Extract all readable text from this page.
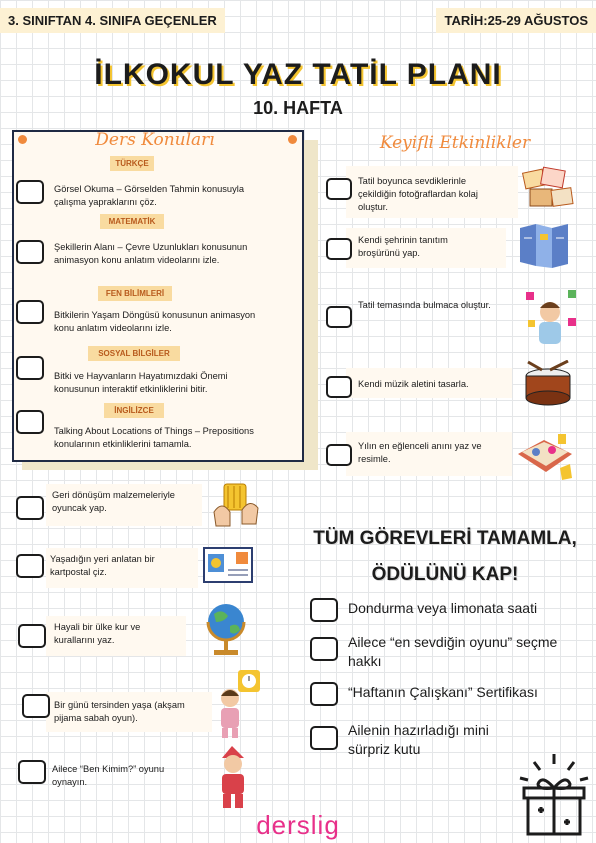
3. SINIFTAN 4. SINIFA GEÇENLER	TARİH:25-29 AĞUSTOS
İLKOKUL YAZ TATİL PLANI
10. HAFTA
Ders Konuları
TÜRKÇE
Görsel Okuma – Görselden Tahmin konusuyla
çalışma yapraklarını çöz.
MATEMATİK
Şekillerin Alanı – Çevre Uzunlukları konusunun
animasyon konu anlatım videolarını izle.
FEN BİLİMLERİ
Bitkilerin Yaşam Döngüsü konusunun animasyon
konu anlatım videolarını izle.
SOSYAL BİLGİLER
Bitki ve Hayvanların Hayatımızdaki Önemi
konusunun interaktif etkinliklerini bitir.
İNGİLİZCE
Talking About Locations of Things – Prepositions
konularının etkinliklerini tamamla.
Keyifli Etkinlikler
Tatil boyunca sevdiklerinle
çekildiğin fotoğraflardan kolaj
oluştur.
Kendi şehrinin tanıtım
broşürünü yap.
Tatil temasında bulmaca oluştur.
Kendi müzik aletini tasarla.
Yılın en eğlenceli anını yaz ve
resimle.
Geri dönüşüm malzemeleriyle
oyuncak yap.
Yaşadığın yeri anlatan bir
kartpostal çiz.
Hayali bir ülke kur ve
kurallarını yaz.
Bir günü tersinden yaşa (akşam
pijama sabah oyun).
Ailece “Ben Kimim?” oyunu
oynayın.
TÜM GÖREVLERİ TAMAMLA,
ÖDÜLÜNÜ KAP!
Dondurma veya limonata saati
Ailece “en sevdiğin oyunu” seçme
hakkı
“Haftanın Çalışkanı” Sertifikası
Ailenin hazırladığı mini
sürpriz kutu
derslig
